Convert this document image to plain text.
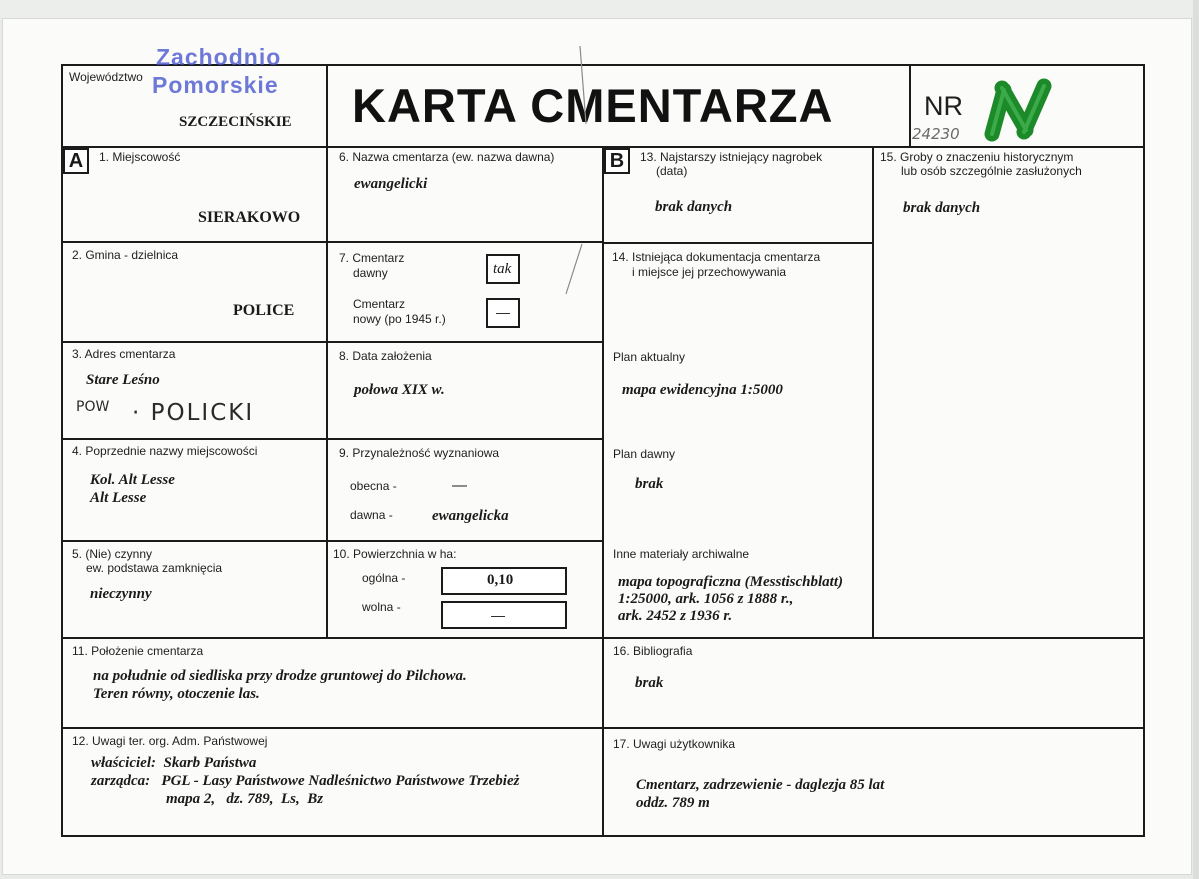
Województwo
SZCZECIŃSKIE
Zachodnio
Pomorskie KARTA CMENTARZA	NR
24230
A	B
1. Miejscowość
SIERAKOWO
2. Gmina - dzielnica
POLICE
3. Adres cmentarza
Stare Leśno
POW · POLICKI
4. Poprzednie nazwy miejscowości
Kol. Alt Lesse
Alt Lesse
5. (Nie) czynny
ew. podstawa zamknięcia
nieczynny
6. Nazwa cmentarza (ew. nazwa dawna)
ewangelicki
7. Cmentarz
dawny	tak
Cmentarz
nowy (po 1945 r.)	—
8. Data założenia
połowa XIX w.
9. Przynależność wyznaniowa
obecna -	—
dawna -	ewangelicka
10. Powierzchnia w ha:
ogólna -	0,10
wolna -	—
13. Najstarszy istniejący nagrobek
(data)
brak danych
14. Istniejąca dokumentacja cmentarza
i miejsce jej przechowywania
Plan aktualny
mapa ewidencyjna 1:5000
Plan dawny
brak
Inne materiały archiwalne
mapa topograficzna (Messtischblatt)
1:25000, ark. 1056 z 1888 r.,
ark. 2452 z 1936 r.
15. Groby o znaczeniu historycznym
lub osób szczególnie zasłużonych
brak danych
11. Położenie cmentarza
na południe od siedliska przy drodze gruntowej do Pilchowa.
Teren równy, otoczenie las.
16. Bibliografia
brak
12. Uwagi ter. org. Adm. Państwowej
właściciel:  Skarb Państwa
zarządca:   PGL - Lasy Państwowe Nadleśnictwo Państwowe Trzebież
mapa 2,   dz. 789,  Ls,  Bz
17. Uwagi użytkownika
Cmentarz, zadrzewienie - daglezja 85 lat
oddz. 789 m
